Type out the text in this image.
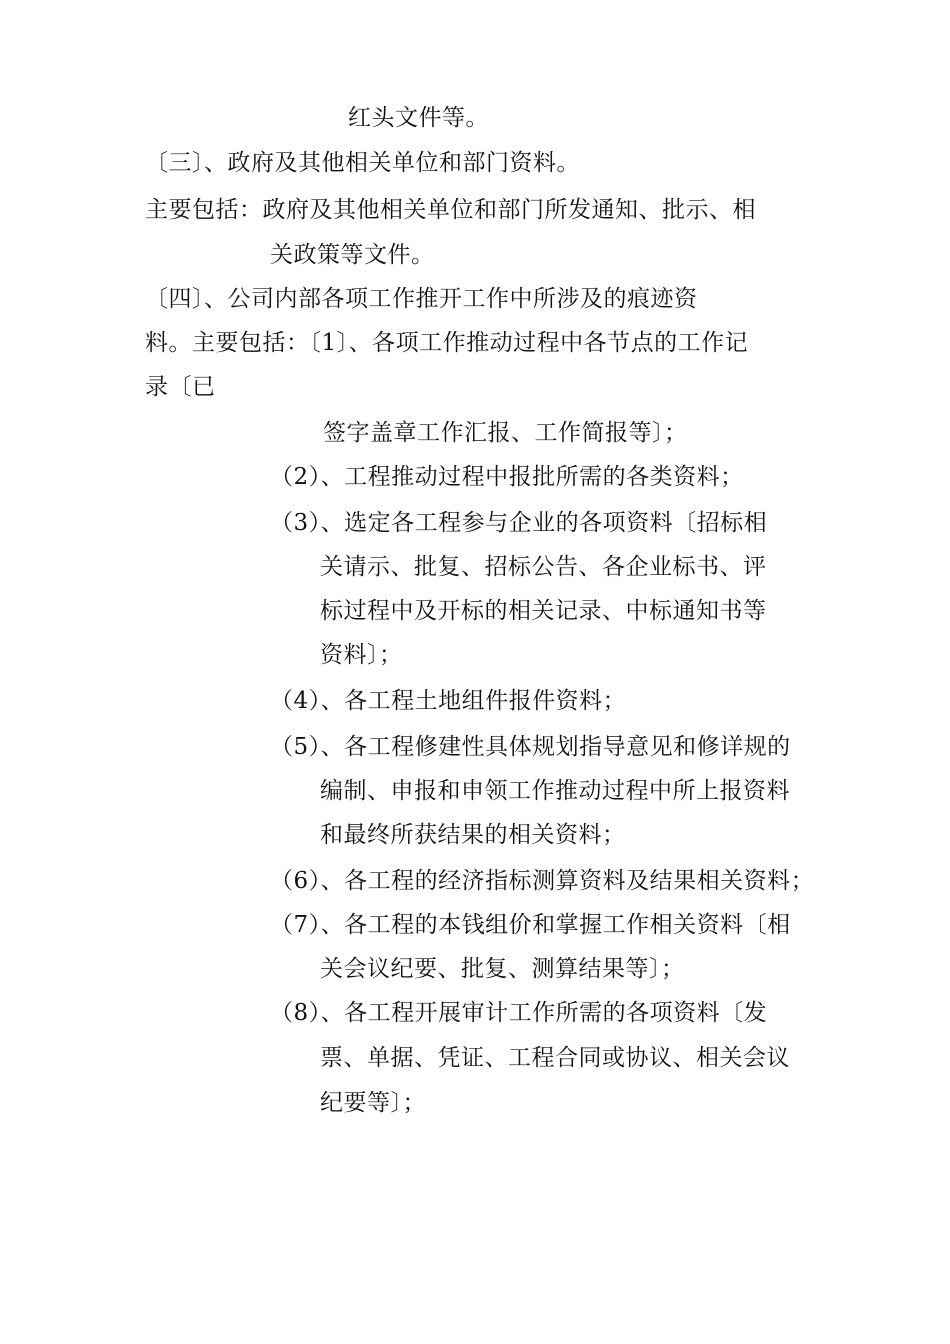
红头文件等。
〔三〕、政府及其他相关单位和部门资料。
主要包括：政府及其他相关单位和部门所发通知、批示、相
关政策等文件。
〔四〕、公司内部各项工作推开工作中所涉及的痕迹资
料。主要包括：〔1〕、各项工作推动过程中各节点的工作记
录〔已
签字盖章工作汇报、工作简报等〕；
（2）、工程推动过程中报批所需的各类资料；
（3）、选定各工程参与企业的各项资料〔招标相
关请示、批复、招标公告、各企业标书、评
标过程中及开标的相关记录、中标通知书等
资料〕；
（4）、各工程土地组件报件资料；
（5）、各工程修建性具体规划指导意见和修详规的
编制、申报和申领工作推动过程中所上报资料
和最终所获结果的相关资料；
（6）、各工程的经济指标测算资料及结果相关资料；
（7）、各工程的本钱组价和掌握工作相关资料〔相
关会议纪要、批复、测算结果等〕；
（8）、各工程开展审计工作所需的各项资料〔发
票、单据、凭证、工程合同或协议、相关会议
纪要等〕；
